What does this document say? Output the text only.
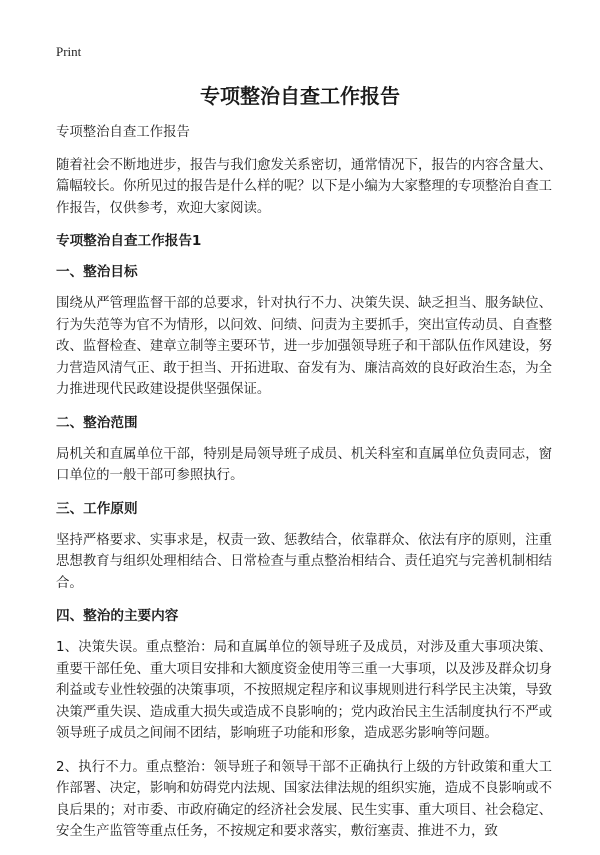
Print
专项整治自查工作报告

专项整治自查工作报告

随着社会不断地进步，报告与我们愈发关系密切，通常情况下，报告的内容含量大、篇幅较长。你所见过的报告是什么样的呢？以下是小编为大家整理的专项整治自查工作报告，仅供参考，欢迎大家阅读。

专项整治自查工作报告1

一、整治目标

围绕从严管理监督干部的总要求，针对执行不力、决策失误、缺乏担当、服务缺位、行为失范等为官不为情形，以问效、问绩、问责为主要抓手，突出宣传动员、自查整改、监督检查、建章立制等主要环节，进一步加强领导班子和干部队伍作风建设，努力营造风清气正、敢于担当、开拓进取、奋发有为、廉洁高效的良好政治生态，为全力推进现代民政建设提供坚强保证。

二、整治范围

局机关和直属单位干部，特别是局领导班子成员、机关科室和直属单位负责同志，窗口单位的一般干部可参照执行。

三、工作原则

坚持严格要求、实事求是，权责一致、惩教结合，依靠群众、依法有序的原则，注重思想教育与组织处理相结合、日常检查与重点整治相结合、责任追究与完善机制相结合。

四、整治的主要内容

1、决策失误。重点整治：局和直属单位的领导班子及成员，对涉及重大事项决策、重要干部任免、重大项目安排和大额度资金使用等三重一大事项，以及涉及群众切身利益或专业性较强的决策事项，不按照规定程序和议事规则进行科学民主决策，导致决策严重失误、造成重大损失或造成不良影响的；党内政治民主生活制度执行不严或领导班子成员之间闹不团结，影响班子功能和形象，造成恶劣影响等问题。

2、执行不力。重点整治：领导班子和领导干部不正确执行上级的方针政策和重大工作部署、决定，影响和妨碍党内法规、国家法律法规的组织实施，造成不良影响或不良后果的；对市委、市政府确定的经济社会发展、民生实事、重大项目、社会稳定、安全生产监管等重点任务，不按规定和要求落实，敷衍塞责、推进不力，致
